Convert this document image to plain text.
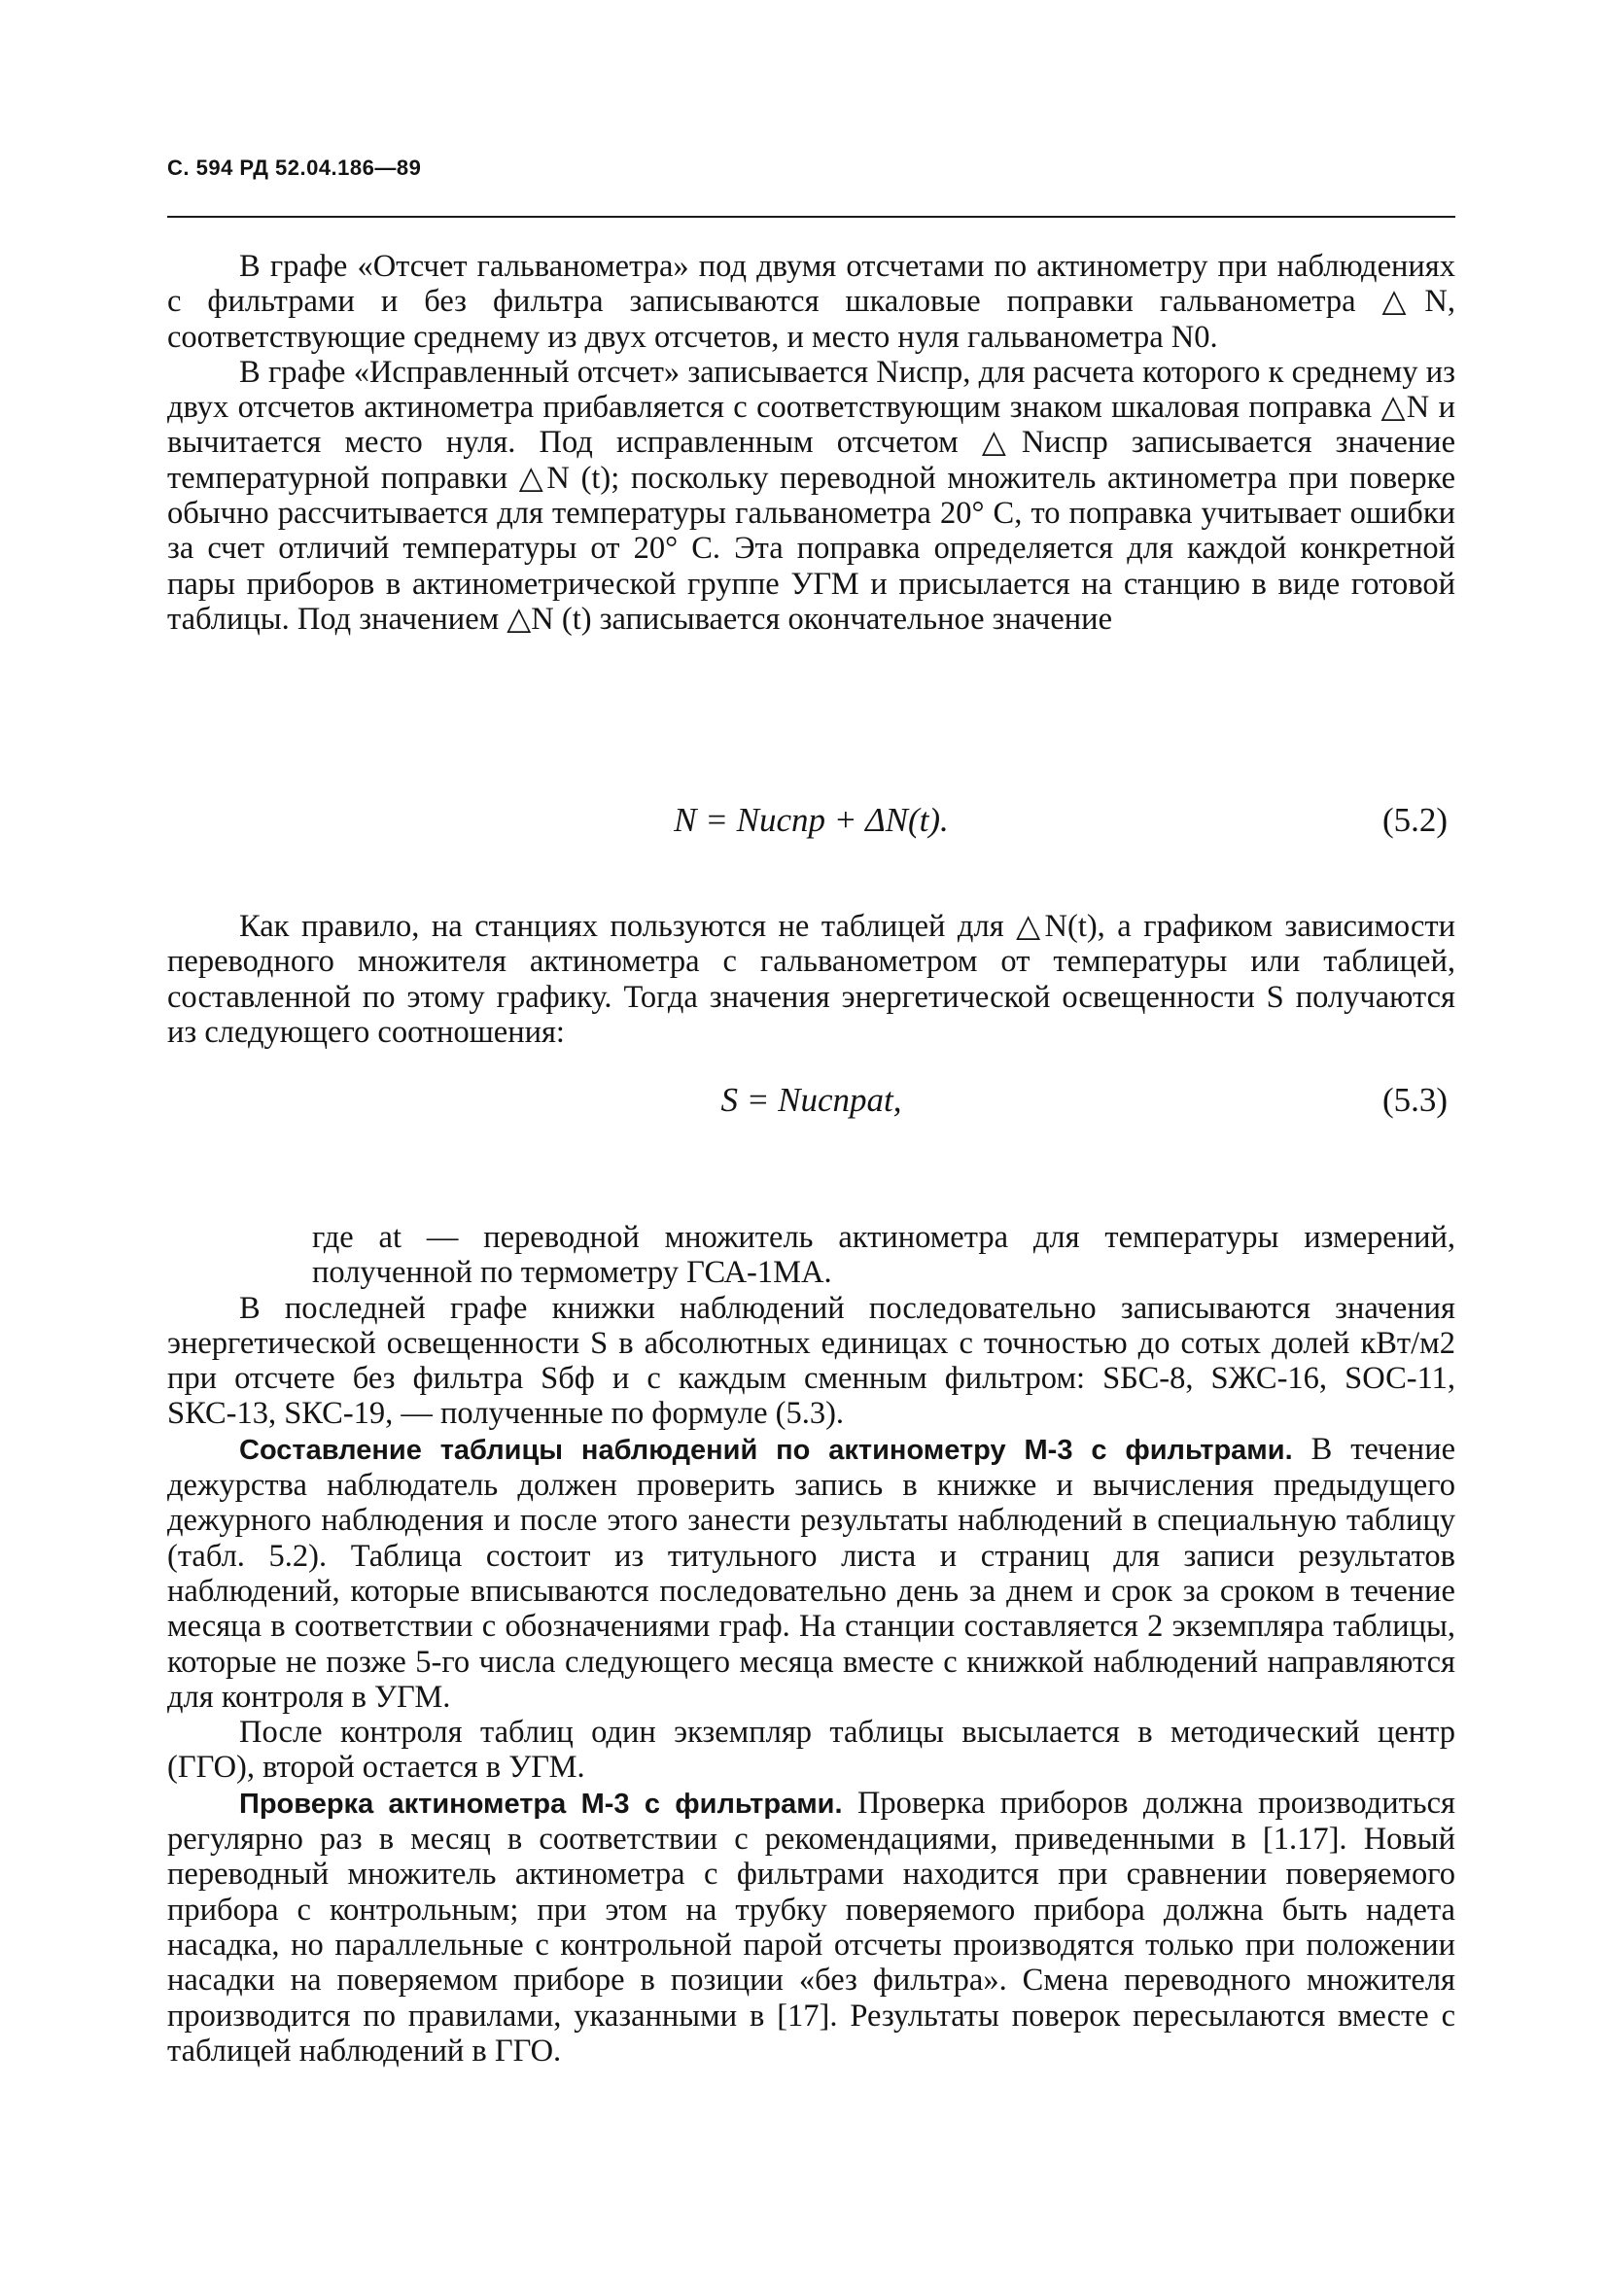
С. 594 РД 52.04.186—89

В графе «Отсчет гальванометра» под двумя отсчетами по актинометру при наблюдениях с фильтрами и без фильтра записываются шкаловые поправки гальванометра △N, соответствующие среднему из двух отсчетов, и место нуля гальванометра N0.

В графе «Исправленный отсчет» записывается Nиспр, для расчета которого к среднему из двух отсчетов актинометра прибавляется с соответствующим знаком шкаловая поправка △N и вычитается место нуля. Под исправленным отсчетом △Nиспр записывается значение температурной поправки △N (t); поскольку переводной множитель актинометра при поверке обычно рассчитывается для температуры гальванометра 20° С, то поправка учитывает ошибки за счет отличий температуры от 20° С. Эта поправка определяется для каждой конкретной пары приборов в актинометрической группе УГМ и присылается на станцию в виде готовой таблицы. Под значением △N (t) записывается окончательное значение

N = Nиспр + ΔN(t).	(5.2)

Как правило, на станциях пользуются не таблицей для △N(t), а графиком зависимости переводного множителя актинометра с гальванометром от температуры или таблицей, составленной по этому графику. Тогда значения энергетической освещенности S получаются из следующего соотношения:

S = Nиспрat,	(5.3)

где at — переводной множитель актинометра для температуры измерений, полученной по термометру ГСА-1МА.

В последней графе книжки наблюдений последовательно записываются значения энергетической освещенности S в абсолютных единицах с точностью до сотых долей кВт/м2 при отсчете без фильтра Sбф и с каждым сменным фильтром: SБС-8, SЖС-16, SОС-11, SКС-13, SКС-19, — полученные по формуле (5.3).

Составление таблицы наблюдений по актинометру М-3 с фильтрами. В течение дежурства наблюдатель должен проверить запись в книжке и вычисления предыдущего дежурного наблюдения и после этого занести результаты наблюдений в специальную таблицу (табл. 5.2). Таблица состоит из титульного листа и страниц для записи результатов наблюдений, которые вписываются последовательно день за днем и срок за сроком в течение месяца в соответствии с обозначениями граф. На станции составляется 2 экземпляра таблицы, которые не позже 5-го числа следующего месяца вместе с книжкой наблюдений направляются для контроля в УГМ.

После контроля таблиц один экземпляр таблицы высылается в методический центр (ГГО), второй остается в УГМ.

Проверка актинометра М-3 с фильтрами. Проверка приборов должна производиться регулярно раз в месяц в соответствии с рекомендациями, приведенными в [1.17]. Новый переводный множитель актинометра с фильтрами находится при сравнении поверяемого прибора с контрольным; при этом на трубку поверяемого прибора должна быть надета насадка, но параллельные с контрольной парой отсчеты производятся только при положении насадки на поверяемом приборе в позиции «без фильтра». Смена переводного множителя производится по правилами, указанными в [17]. Результаты поверок пересылаются вместе с таблицей наблюдений в ГГО.
